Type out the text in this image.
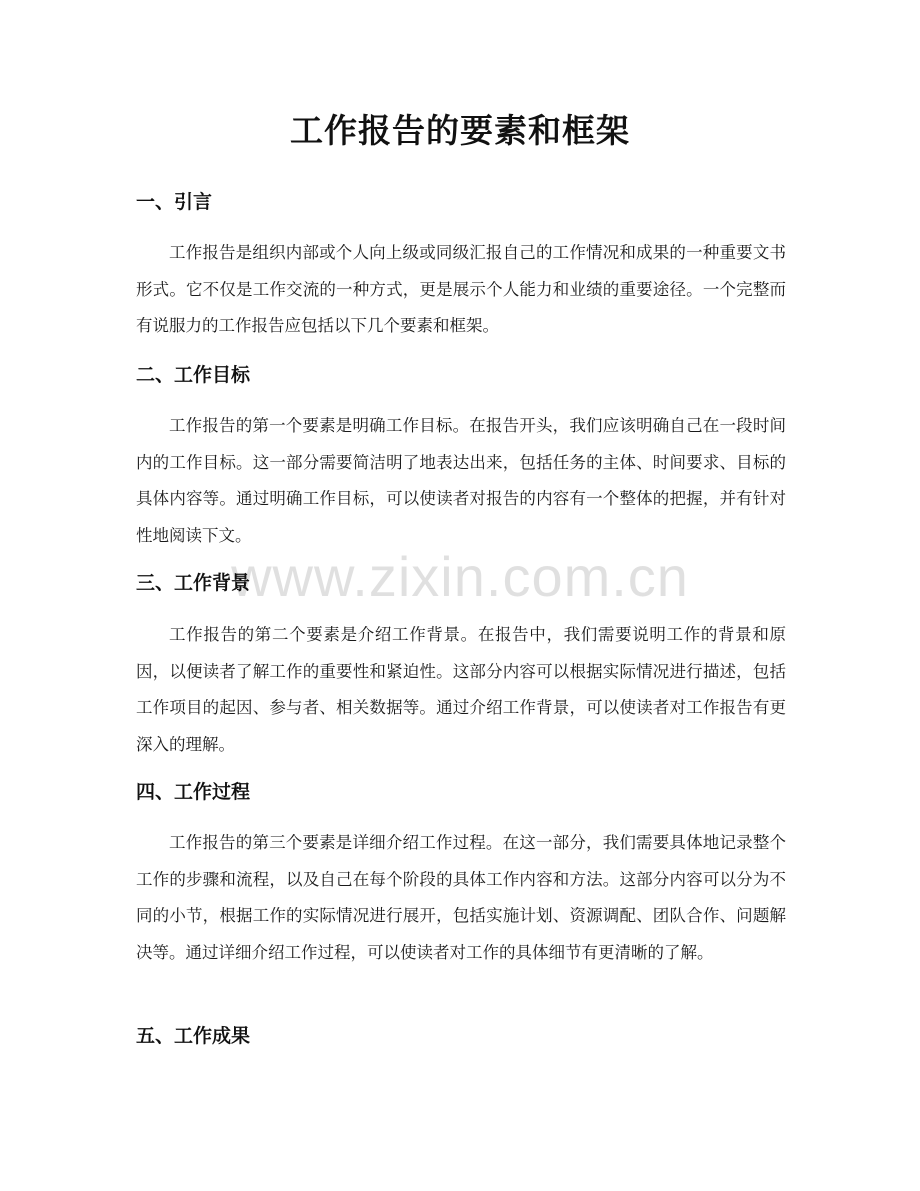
工作报告的要素和框架
一、引言

工作报告是组织内部或个人向上级或同级汇报自己的工作情况和成果的一种重要文书形式。它不仅是工作交流的一种方式，更是展示个人能力和业绩的重要途径。一个完整而有说服力的工作报告应包括以下几个要素和框架。

二、工作目标

工作报告的第一个要素是明确工作目标。在报告开头，我们应该明确自己在一段时间内的工作目标。这一部分需要简洁明了地表达出来，包括任务的主体、时间要求、目标的具体内容等。通过明确工作目标，可以使读者对报告的内容有一个整体的把握，并有针对性地阅读下文。

三、工作背景

工作报告的第二个要素是介绍工作背景。在报告中，我们需要说明工作的背景和原因，以便读者了解工作的重要性和紧迫性。这部分内容可以根据实际情况进行描述，包括工作项目的起因、参与者、相关数据等。通过介绍工作背景，可以使读者对工作报告有更深入的理解。

四、工作过程

工作报告的第三个要素是详细介绍工作过程。在这一部分，我们需要具体地记录整个工作的步骤和流程，以及自己在每个阶段的具体工作内容和方法。这部分内容可以分为不同的小节，根据工作的实际情况进行展开，包括实施计划、资源调配、团队合作、问题解决等。通过详细介绍工作过程，可以使读者对工作的具体细节有更清晰的了解。

五、工作成果
www.zixin.com.cn
